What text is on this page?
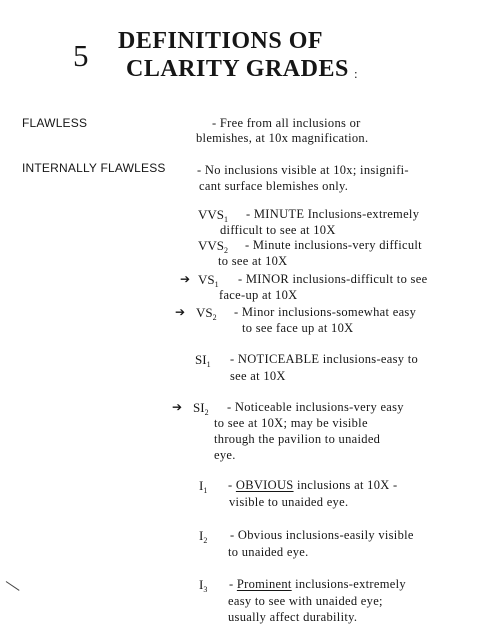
5 DEFINITIONS OF
CLARITY GRADES :
FLAWLESS	- Free from all inclusions or
blemishes, at 10x magnification.
INTERNALLY FLAWLESS	- No inclusions visible at 10x; insignifi-
cant surface blemishes only.
$VVS_1$ - MINUTE Inclusions-extremely
difficult to see at 10X
$VVS_2$ - Minute inclusions-very difficult
to see at 10X
➔ $VS_1$ - MINOR inclusions-difficult to see
face-up at 10X
➔ $VS_2$ - Minor inclusions-somewhat easy
to see face up at 10X
$SI_1$ - NOTICEABLE inclusions-easy to
see at 10X
➔ $SI_2$ - Noticeable inclusions-very easy
to see at 10X; may be visible
through the pavilion to unaided
eye.
$I_1$ - OBVIOUS inclusions at 10X -
visible to unaided eye.
$I_2$ - Obvious inclusions-easily visible
to unaided eye.
$I_3$ - Prominent inclusions-extremely
easy to see with unaided eye;
usually affect durability.
